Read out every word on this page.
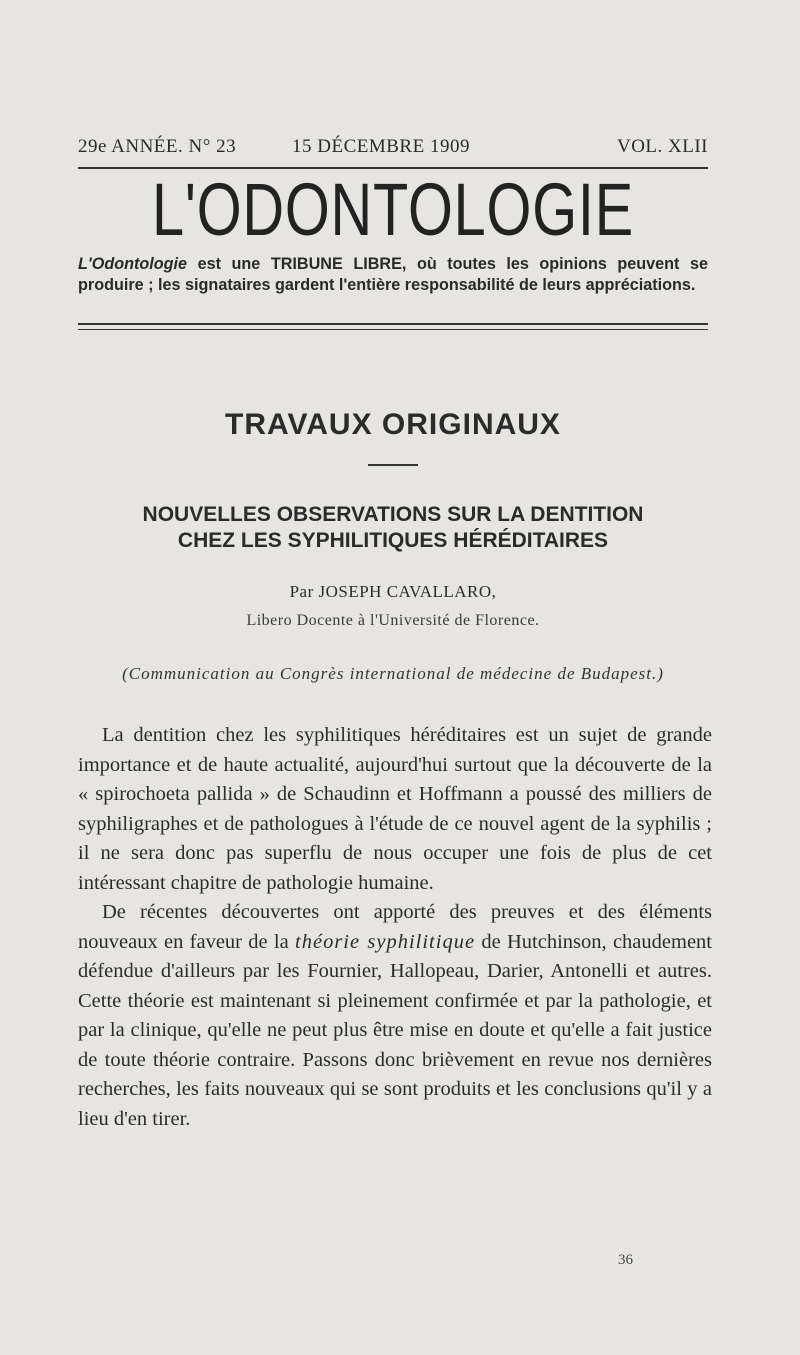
29e ANNÉE. N° 23	15 DÉCEMBRE 1909	VOL. XLII
L'ODONTOLOGIE
L'Odontologie est une TRIBUNE LIBRE, où toutes les opinions peuvent se produire ; les signataires gardent l'entière responsabilité de leurs appréciations.
TRAVAUX ORIGINAUX
NOUVELLES OBSERVATIONS SUR LA DENTITION
CHEZ LES SYPHILITIQUES HÉRÉDITAIRES
Par JOSEPH CAVALLARO,
Libero Docente à l'Université de Florence.
(Communication au Congrès international de médecine de Budapest.)

La dentition chez les syphilitiques héréditaires est un sujet de grande importance et de haute actualité, aujourd'hui surtout que la découverte de la « spirochoeta pallida » de Schaudinn et Hoffmann a poussé des milliers de syphiligraphes et de pathologues à l'étude de ce nouvel agent de la syphilis ; il ne sera donc pas superflu de nous occuper une fois de plus de cet intéressant chapitre de pathologie humaine.

De récentes découvertes ont apporté des preuves et des éléments nouveaux en faveur de la théorie syphilitique de Hutchinson, chaudement défendue d'ailleurs par les Fournier, Hallopeau, Darier, Antonelli et autres. Cette théorie est maintenant si pleinement confirmée et par la pathologie, et par la clinique, qu'elle ne peut plus être mise en doute et qu'elle a fait justice de toute théorie contraire. Passons donc brièvement en revue nos dernières recherches, les faits nouveaux qui se sont produits et les conclusions qu'il y a lieu d'en tirer.

36
